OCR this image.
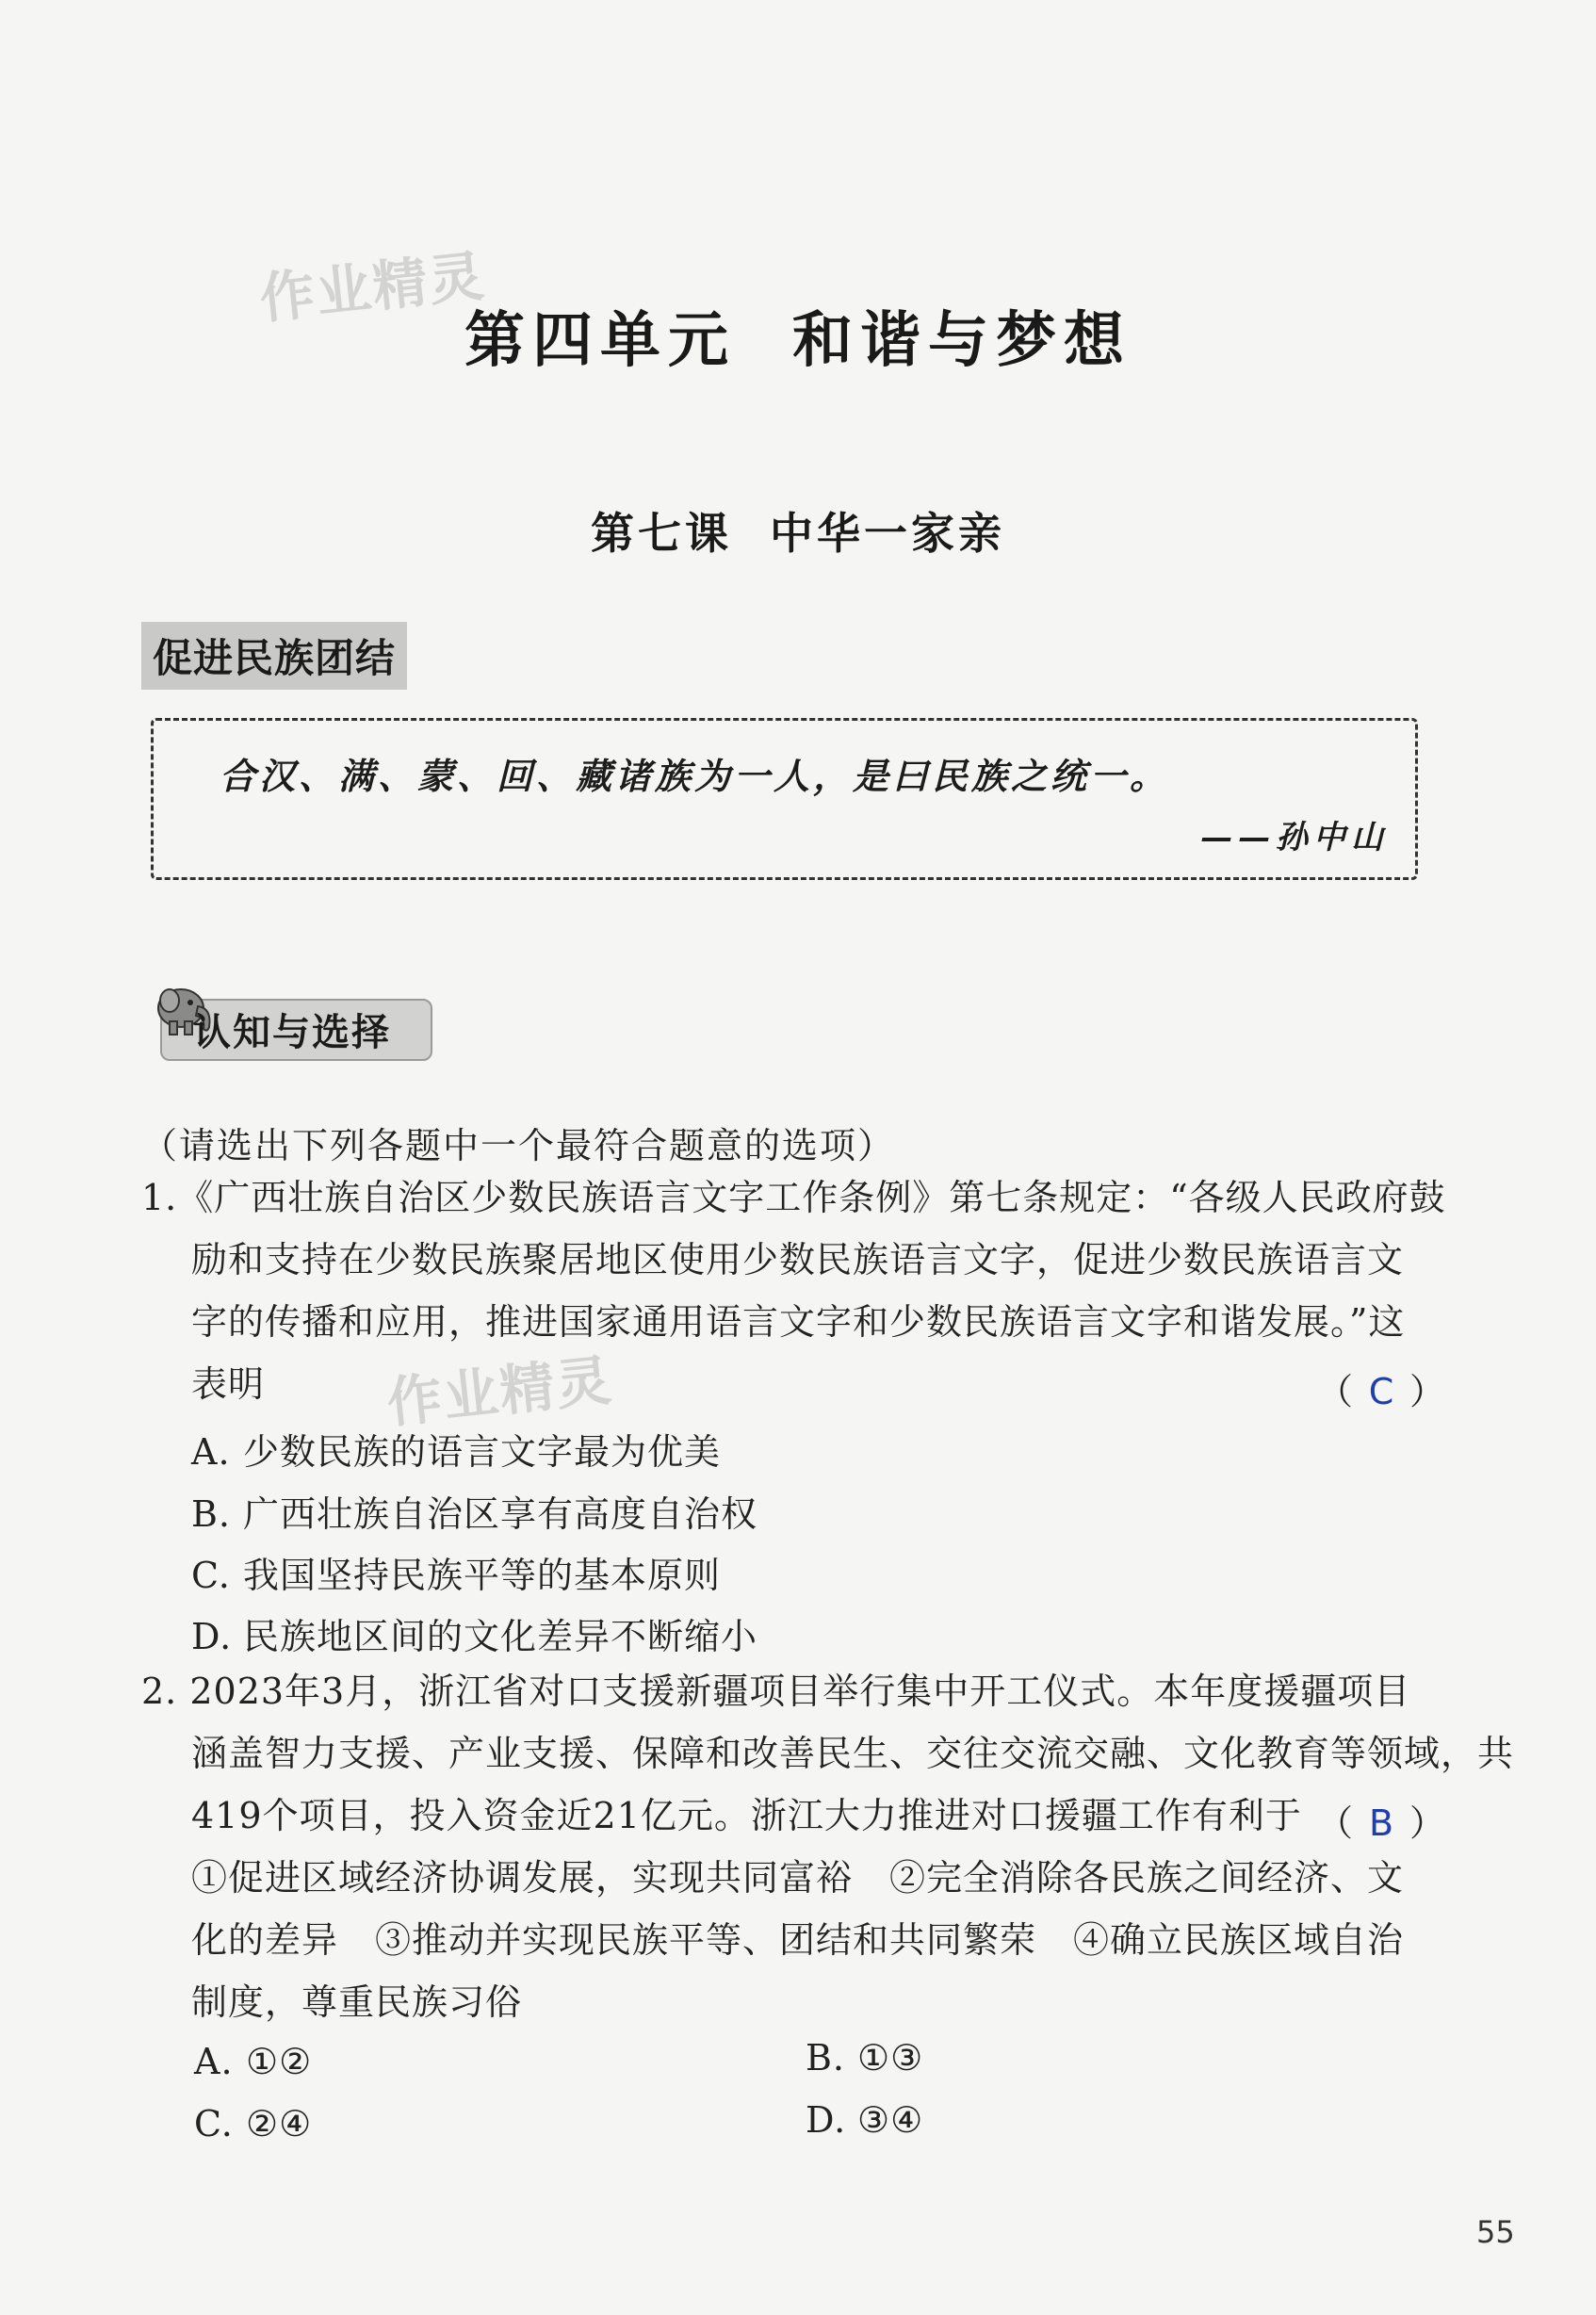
作业精灵
作业精灵
第四单元 和谐与梦想
第七课 中华一家亲
促进民族团结
合汉、满、蒙、回、藏诸族为一人，是曰民族之统一。
——孙中山
认知与选择
（请选出下列各题中一个最符合题意的选项）
1.《广西壮族自治区少数民族语言文字工作条例》第七条规定：“各级人民政府鼓
励和支持在少数民族聚居地区使用少数民族语言文字，促进少数民族语言文
字的传播和应用，推进国家通用语言文字和少数民族语言文字和谐发展。”这
表明	（ C ）
A. 少数民族的语言文字最为优美
B. 广西壮族自治区享有高度自治权
C. 我国坚持民族平等的基本原则
D. 民族地区间的文化差异不断缩小
2. 2023年3月，浙江省对口支援新疆项目举行集中开工仪式。本年度援疆项目
涵盖智力支援、产业支援、保障和改善民生、交往交流交融、文化教育等领域，共
419个项目，投入资金近21亿元。浙江大力推进对口援疆工作有利于 （ B ）
①促进区域经济协调发展，实现共同富裕　②完全消除各民族之间经济、文
化的差异　③推动并实现民族平等、团结和共同繁荣　④确立民族区域自治
制度，尊重民族习俗
A. ①②	B. ①③
C. ②④	D. ③④
55
